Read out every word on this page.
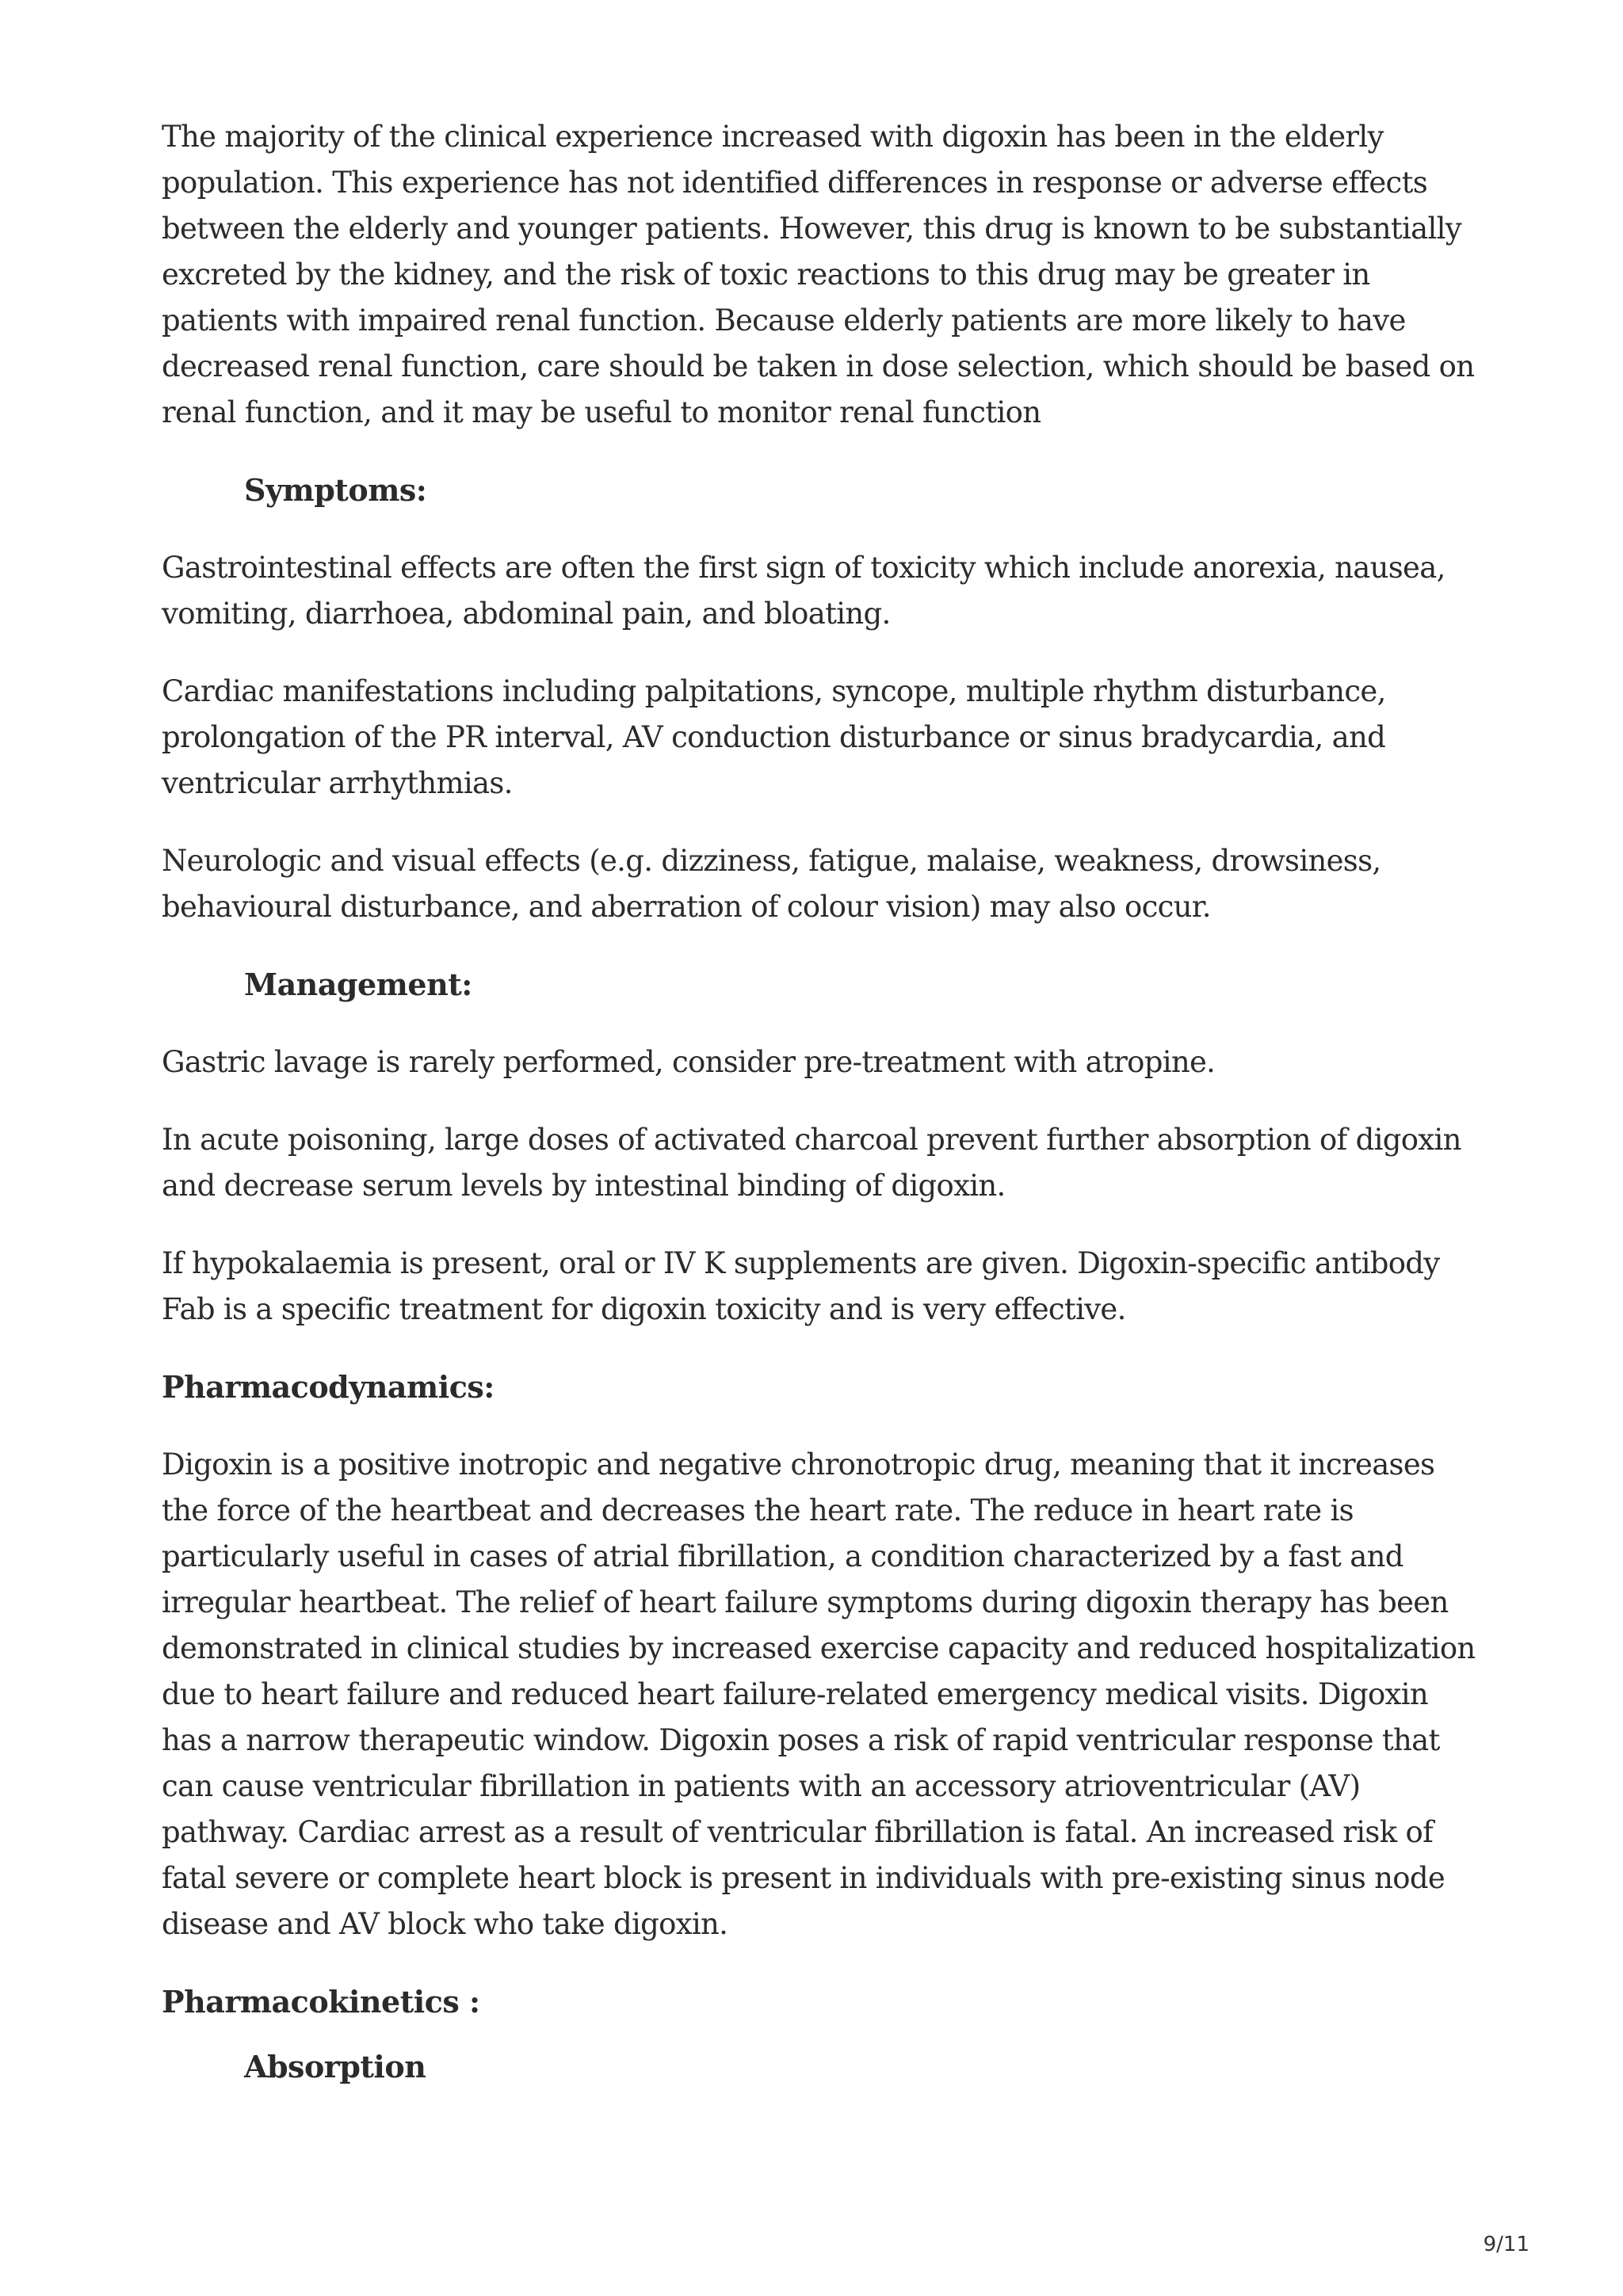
The majority of the clinical experience increased with digoxin has been in the elderly population. This experience has not identified differences in response or adverse effects between the elderly and younger patients. However, this drug is known to be substantially excreted by the kidney, and the risk of toxic reactions to this drug may be greater in patients with impaired renal function. Because elderly patients are more likely to have decreased renal function, care should be taken in dose selection, which should be based on renal function, and it may be useful to monitor renal function

Symptoms:

Gastrointestinal effects are often the first sign of toxicity which include anorexia, nausea, vomiting, diarrhoea, abdominal pain, and bloating.

Cardiac manifestations including palpitations, syncope, multiple rhythm disturbance, prolongation of the PR interval, AV conduction disturbance or sinus bradycardia, and ventricular arrhythmias.

Neurologic and visual effects (e.g. dizziness, fatigue, malaise, weakness, drowsiness, behavioural disturbance, and aberration of colour vision) may also occur.

Management:

Gastric lavage is rarely performed, consider pre-treatment with atropine.

In acute poisoning, large doses of activated charcoal prevent further absorption of digoxin and decrease serum levels by intestinal binding of digoxin.

If hypokalaemia is present, oral or IV K supplements are given. Digoxin-specific antibody Fab is a specific treatment for digoxin toxicity and is very effective.

Pharmacodynamics:

Digoxin is a positive inotropic and negative chronotropic drug, meaning that it increases the force of the heartbeat and decreases the heart rate. The reduce in heart rate is particularly useful in cases of atrial fibrillation, a condition characterized by a fast and irregular heartbeat. The relief of heart failure symptoms during digoxin therapy has been demonstrated in clinical studies by increased exercise capacity and reduced hospitalization due to heart failure and reduced heart failure-related emergency medical visits. Digoxin has a narrow therapeutic window. Digoxin poses a risk of rapid ventricular response that can cause ventricular fibrillation in patients with an accessory atrioventricular (AV) pathway. Cardiac arrest as a result of ventricular fibrillation is fatal. An increased risk of fatal severe or complete heart block is present in individuals with pre-existing sinus node disease and AV block who take digoxin.

Pharmacokinetics :
Absorption
9/11
